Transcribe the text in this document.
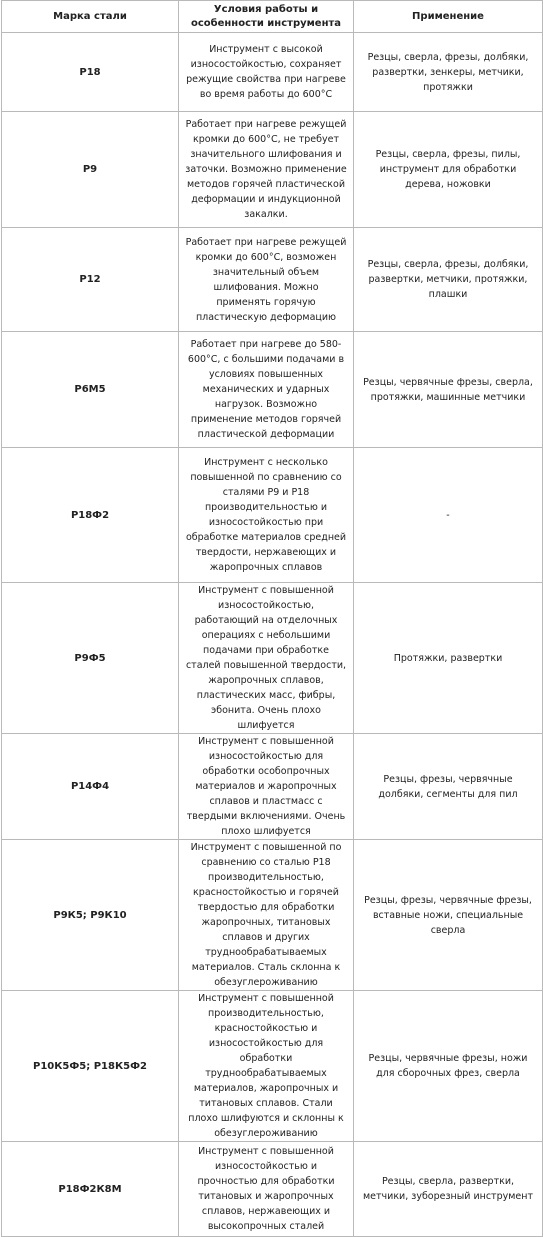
Марка стали	Условия работы и особенности инструмента	Применение
Р18	Инструмент с высокой износостойкостью, сохраняет режущие свойства при нагреве во время работы до 600°С	Резцы, сверла, фрезы, долбяки, развертки, зенкеры, метчики, протяжки
Р9	Работает при нагреве режущей кромки до 600°С, не требует значительного шлифования и заточки. Возможно применение методов горячей пластической деформации и индукционной закалки.	Резцы, сверла, фрезы, пилы, инструмент для обработки дерева, ножовки
Р12	Работает при нагреве режущей кромки до 600°С, возможен значительный объем шлифования. Можно применять горячую пластическую деформацию	Резцы, сверла, фрезы, долбяки, развертки, метчики, протяжки, плашки
Р6М5	Работает при нагреве до 580-600°С, с большими подачами в условиях повышенных механических и ударных нагрузок. Возможно применение методов горячей пластической деформации	Резцы, червячные фрезы, сверла, протяжки, машинные метчики
Р18Ф2	Инструмент с несколько повышенной по сравнению со сталями Р9 и Р18 производительностью и износостойкостью при обработке материалов средней твердости, нержавеющих и жаропрочных сплавов	-
Р9Ф5	Инструмент с повышенной износостойкостью, работающий на отделочных операциях с небольшими подачами при обработке сталей повышенной твердости, жаропрочных сплавов, пластических масс, фибры, эбонита. Очень плохо шлифуется	Протяжки, развертки
Р14Ф4	Инструмент с повышенной износостойкостью для обработки особопрочных материалов и жаропрочных сплавов и пластмасс с твердыми включениями. Очень плохо шлифуется	Резцы, фрезы, червячные долбяки, сегменты для пил
Р9К5; Р9К10	Инструмент с повышенной по сравнению со сталью Р18 производительностью, красностойкостью и горячей твердостью для обработки жаропрочных, титановых сплавов и других труднообрабатываемых материалов. Сталь склонна к обезуглероживанию	Резцы, фрезы, червячные фрезы, вставные ножи, специальные сверла
Р10К5Ф5; Р18К5Ф2	Инструмент с повышенной производительностью, красностойкостью и износостойкостью для обработки труднообрабатываемых материалов, жаропрочных и титановых сплавов. Стали плохо шлифуются и склонны к обезуглероживанию	Резцы, червячные фрезы, ножи для сборочных фрез, сверла
Р18Ф2К8М	Инструмент с повышенной износостойкостью и прочностью для обработки титановых и жаропрочных сплавов, нержавеющих и высокопрочных сталей	Резцы, сверла, развертки, метчики, зуборезный инструмент
